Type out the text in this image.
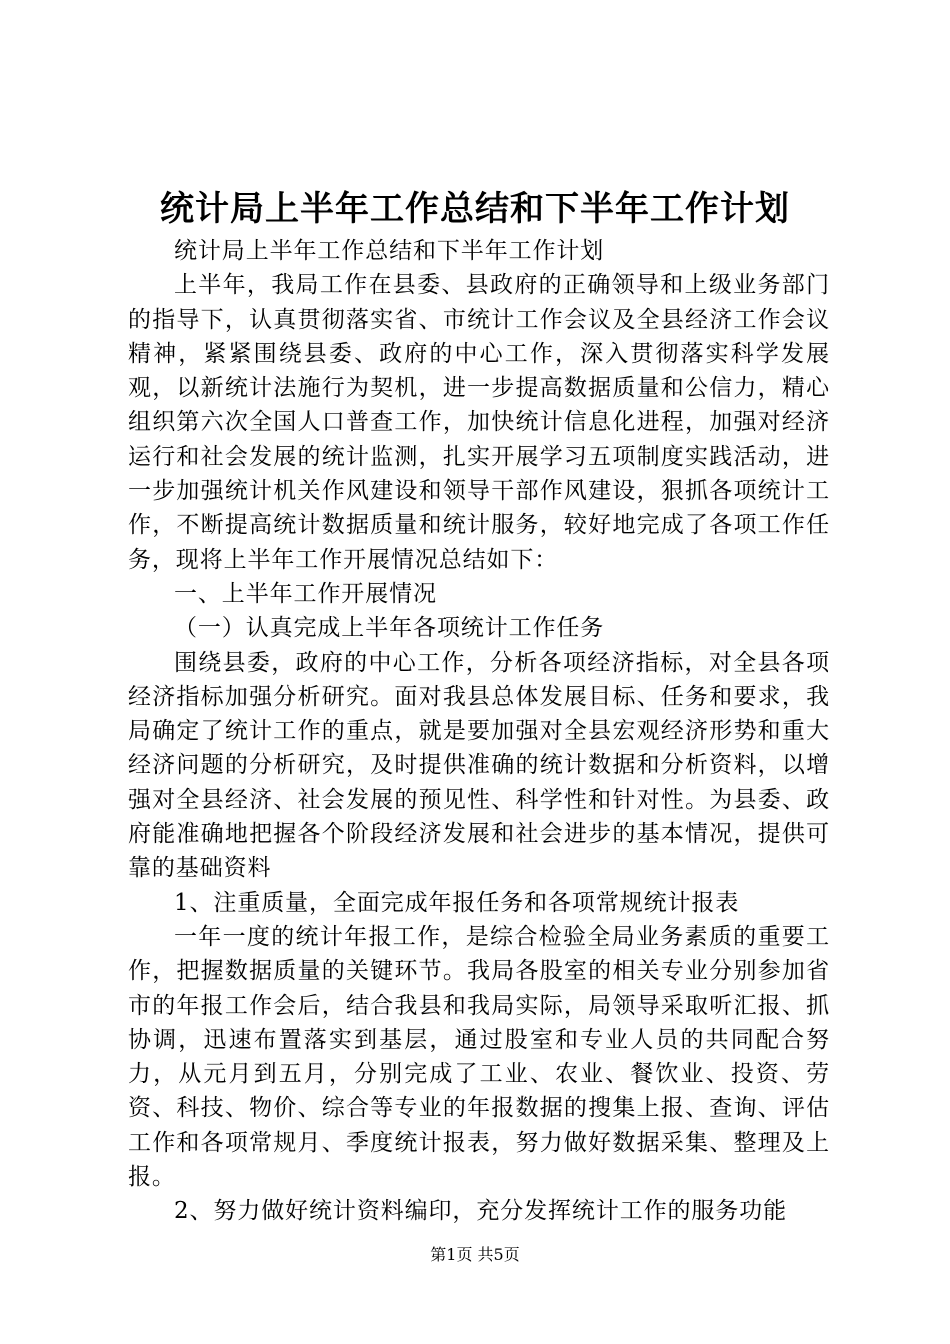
统计局上半年工作总结和下半年工作计划

统计局上半年工作总结和下半年工作计划

上半年，我局工作在县委、县政府的正确领导和上级业务部门的指导下，认真贯彻落实省、市统计工作会议及全县经济工作会议精神，紧紧围绕县委、政府的中心工作，深入贯彻落实科学发展观，以新统计法施行为契机，进一步提高数据质量和公信力，精心组织第六次全国人口普查工作，加快统计信息化进程，加强对经济运行和社会发展的统计监测，扎实开展学习五项制度实践活动，进一步加强统计机关作风建设和领导干部作风建设，狠抓各项统计工作，不断提高统计数据质量和统计服务，较好地完成了各项工作任务，现将上半年工作开展情况总结如下：

一、上半年工作开展情况

（一）认真完成上半年各项统计工作任务

围绕县委，政府的中心工作，分析各项经济指标，对全县各项经济指标加强分析研究。面对我县总体发展目标、任务和要求，我局确定了统计工作的重点，就是要加强对全县宏观经济形势和重大经济问题的分析研究，及时提供准确的统计数据和分析资料，以增强对全县经济、社会发展的预见性、科学性和针对性。为县委、政府能准确地把握各个阶段经济发展和社会进步的基本情况，提供可靠的基础资料

1、注重质量，全面完成年报任务和各项常规统计报表

一年一度的统计年报工作，是综合检验全局业务素质的重要工作，把握数据质量的关键环节。我局各股室的相关专业分别参加省市的年报工作会后，结合我县和我局实际，局领导采取听汇报、抓协调，迅速布置落实到基层，通过股室和专业人员的共同配合努力，从元月到五月，分别完成了工业、农业、餐饮业、投资、劳资、科技、物价、综合等专业的年报数据的搜集上报、查询、评估工作和各项常规月、季度统计报表，努力做好数据采集、整理及上报。

2、努力做好统计资料编印，充分发挥统计工作的服务功能

第1页 共5页
